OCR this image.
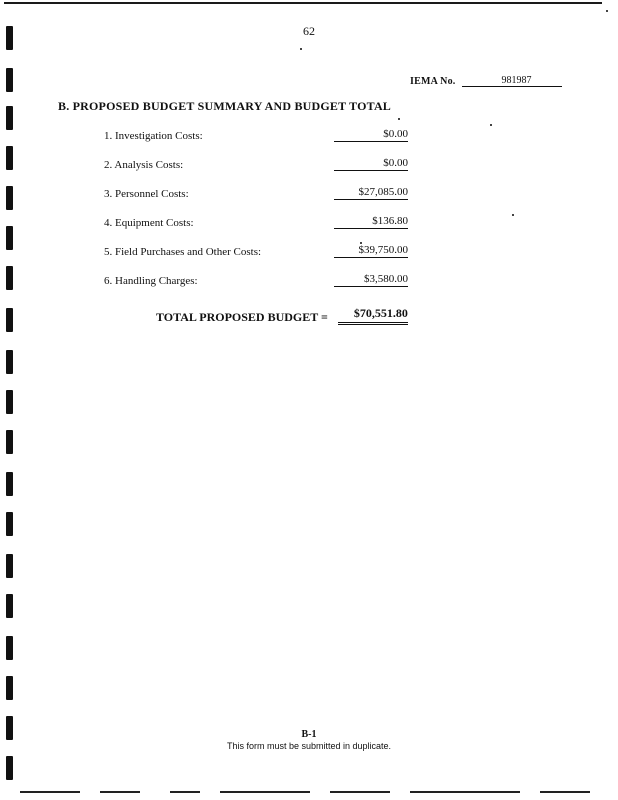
62
IEMA No.	981987
B. PROPOSED BUDGET SUMMARY AND BUDGET TOTAL
1. Investigation Costs:	$0.00
2. Analysis Costs:	$0.00
3. Personnel Costs:	$27,085.00
4. Equipment Costs:	$136.80
5. Field Purchases and Other Costs:	$39,750.00
6. Handling Charges:	$3,580.00
TOTAL PROPOSED BUDGET =	$70,551.80
B-1
This form must be submitted in duplicate.
